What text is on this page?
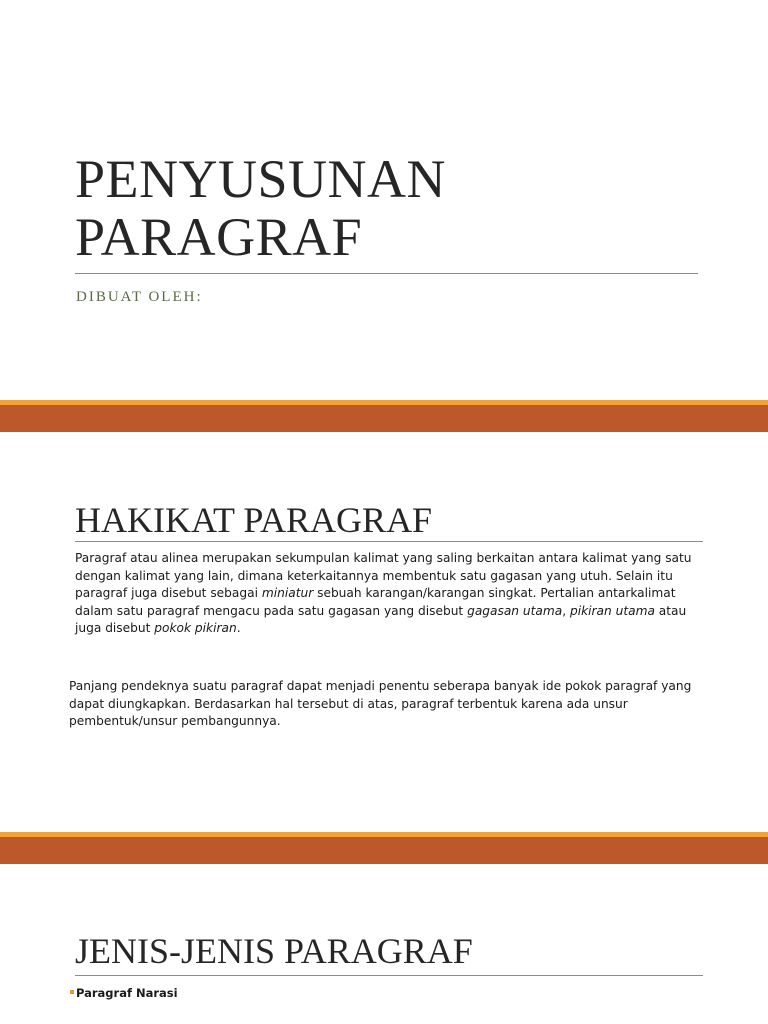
PENYUSUNAN
PARAGRAF

DIBUAT OLEH:

HAKIKAT PARAGRAF

Paragraf atau alinea merupakan sekumpulan kalimat yang saling berkaitan antara kalimat yang satu dengan kalimat yang lain, dimana keterkaitannya membentuk satu gagasan yang utuh. Selain itu paragraf juga disebut sebagai miniatur sebuah karangan/karangan singkat. Pertalian antarkalimat dalam satu paragraf mengacu pada satu gagasan yang disebut gagasan utama, pikiran utama atau juga disebut pokok pikiran.

Panjang pendeknya suatu paragraf dapat menjadi penentu seberapa banyak ide pokok paragraf yang dapat diungkapkan. Berdasarkan hal tersebut di atas, paragraf terbentuk karena ada unsur pembentuk/unsur pembangunnya.

JENIS-JENIS PARAGRAF

Paragraf Narasi
